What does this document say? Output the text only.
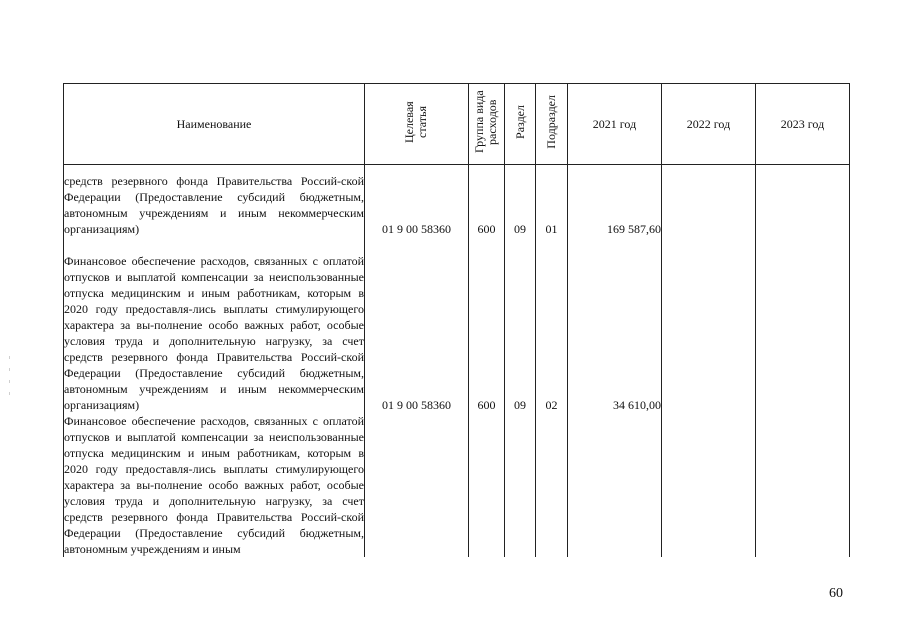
Наименование	Целевая статья	Группа вида расходов	Раздел	Подраздел	2021 год	2022 год	2023 год
средств резервного фонда Правительства Россий-ской Федерации (Предоставление субсидий бюджетным, автономным учреждениям и иным некоммерческим организациям)	01 9 00 58360	600	09	01	169 587,60		
Финансовое обеспечение расходов, связанных с оплатой отпусков и выплатой компенсации за неиспользованные отпуска медицинским и иным работникам, которым в 2020 году предоставля-лись выплаты стимулирующего характера за вы-полнение особо важных работ, особые условия труда и дополнительную нагрузку, за счет средств резервного фонда Правительства Россий-ской Федерации (Предоставление субсидий бюджетным, автономным учреждениям и иным некоммерческим организациям)	01 9 00 58360	600	09	02	34 610,00		
Финансовое обеспечение расходов, связанных с оплатой отпусков и выплатой компенсации за неиспользованные отпуска медицинским и иным работникам, которым в 2020 году предоставля-лись выплаты стимулирующего характера за вы-полнение особо важных работ, особые условия труда и дополнительную нагрузку, за счет средств резервного фонда Правительства Россий-ской Федерации (Предоставление субсидий бюджетным, автономным учреждениям и иным							
60
